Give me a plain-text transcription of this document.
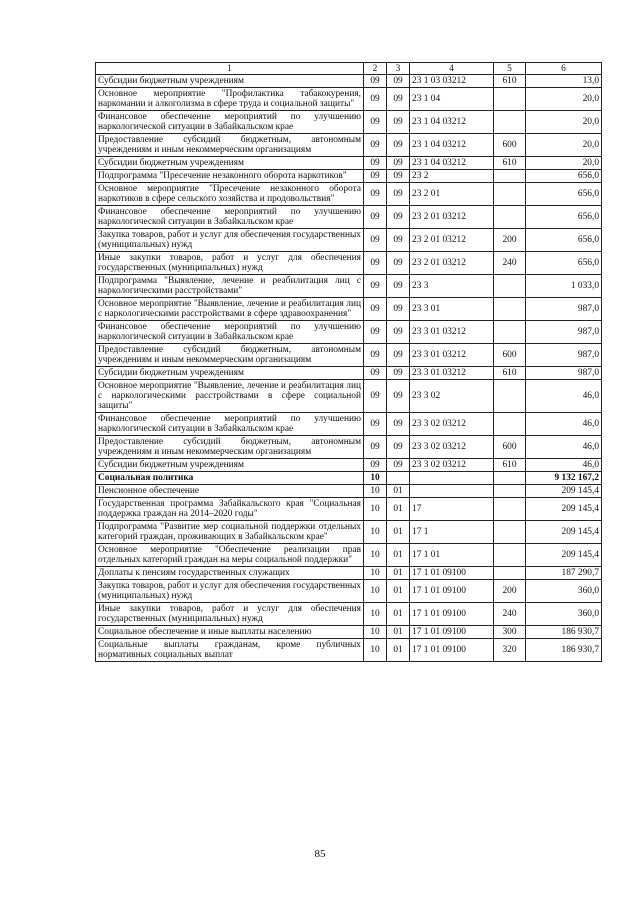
1	2	3	4	5	6
Субсидии бюджетным учреждениям	09	09	23 1 03 03212	610	13,0
Основное мероприятие "Профилактика табакокурения, наркомании и алкоголизма в сфере труда и социальной защиты"	09	09	23 1 04		20,0
Финансовое обеспечение мероприятий по улучшению наркологической ситуации в Забайкальском крае	09	09	23 1 04 03212		20,0
Предоставление субсидий бюджетным, автономным учреждениям и иным некоммерческим организациям	09	09	23 1 04 03212	600	20,0
Субсидии бюджетным учреждениям	09	09	23 1 04 03212	610	20,0
Подпрограмма "Пресечение незаконного оборота наркотиков"	09	09	23 2		656,0
Основное мероприятие "Пресечение незаконного оборота наркотиков в сфере сельского хозяйства и продовольствия"	09	09	23 2 01		656,0
Финансовое обеспечение мероприятий по улучшению наркологической ситуации в Забайкальском крае	09	09	23 2 01 03212		656,0
Закупка товаров, работ и услуг для обеспечения государственных (муниципальных) нужд	09	09	23 2 01 03212	200	656,0
Иные закупки товаров, работ и услуг для обеспечения государственных (муниципальных) нужд	09	09	23 2 01 03212	240	656,0
Подпрограмма "Выявление, лечение и реабилитация лиц с наркологическими расстройствами"	09	09	23 3		1 033,0
Основное мероприятие "Выявление, лечение и реабилитация лиц с наркологическими расстройствами в сфере здравоохранения"	09	09	23 3 01		987,0
Финансовое обеспечение мероприятий по улучшению наркологической ситуации в Забайкальском крае	09	09	23 3 01 03212		987,0
Предоставление субсидий бюджетным, автономным учреждениям и иным некоммерческим организациям	09	09	23 3 01 03212	600	987,0
Субсидии бюджетным учреждениям	09	09	23 3 01 03212	610	987,0
Основное мероприятие "Выявление, лечение и реабилитация лиц с наркологическими расстройствами в сфере социальной защиты"	09	09	23 3 02		46,0
Финансовое обеспечение мероприятий по улучшению наркологической ситуации в Забайкальском крае	09	09	23 3 02 03212		46,0
Предоставление субсидий бюджетным, автономным учреждениям и иным некоммерческим организациям	09	09	23 3 02 03212	600	46,0
Субсидии бюджетным учреждениям	09	09	23 3 02 03212	610	46,0
Социальная политика	10				9 132 167,2
Пенсионное обеспечение	10	01			209 145,4
Государственная программа Забайкальского края "Социальная поддержка граждан на 2014–2020 годы"	10	01	17		209 145,4
Подпрограмма "Развитие мер социальной поддержки отдельных категорий граждан, проживающих в Забайкальском крае"	10	01	17 1		209 145,4
Основное мероприятие "Обеспечение реализации прав отдельных категорий граждан на меры социальной поддержки"	10	01	17 1 01		209 145,4
Доплаты к пенсиям государственных служащих	10	01	17 1 01 09100		187 290,7
Закупка товаров, работ и услуг для обеспечения государственных (муниципальных) нужд	10	01	17 1 01 09100	200	360,0
Иные закупки товаров, работ и услуг для обеспечения государственных (муниципальных) нужд	10	01	17 1 01 09100	240	360,0
Социальное обеспечение и иные выплаты населению	10	01	17 1 01 09100	300	186 930,7
Социальные выплаты гражданам, кроме публичных нормативных социальных выплат	10	01	17 1 01 09100	320	186 930,7
85
